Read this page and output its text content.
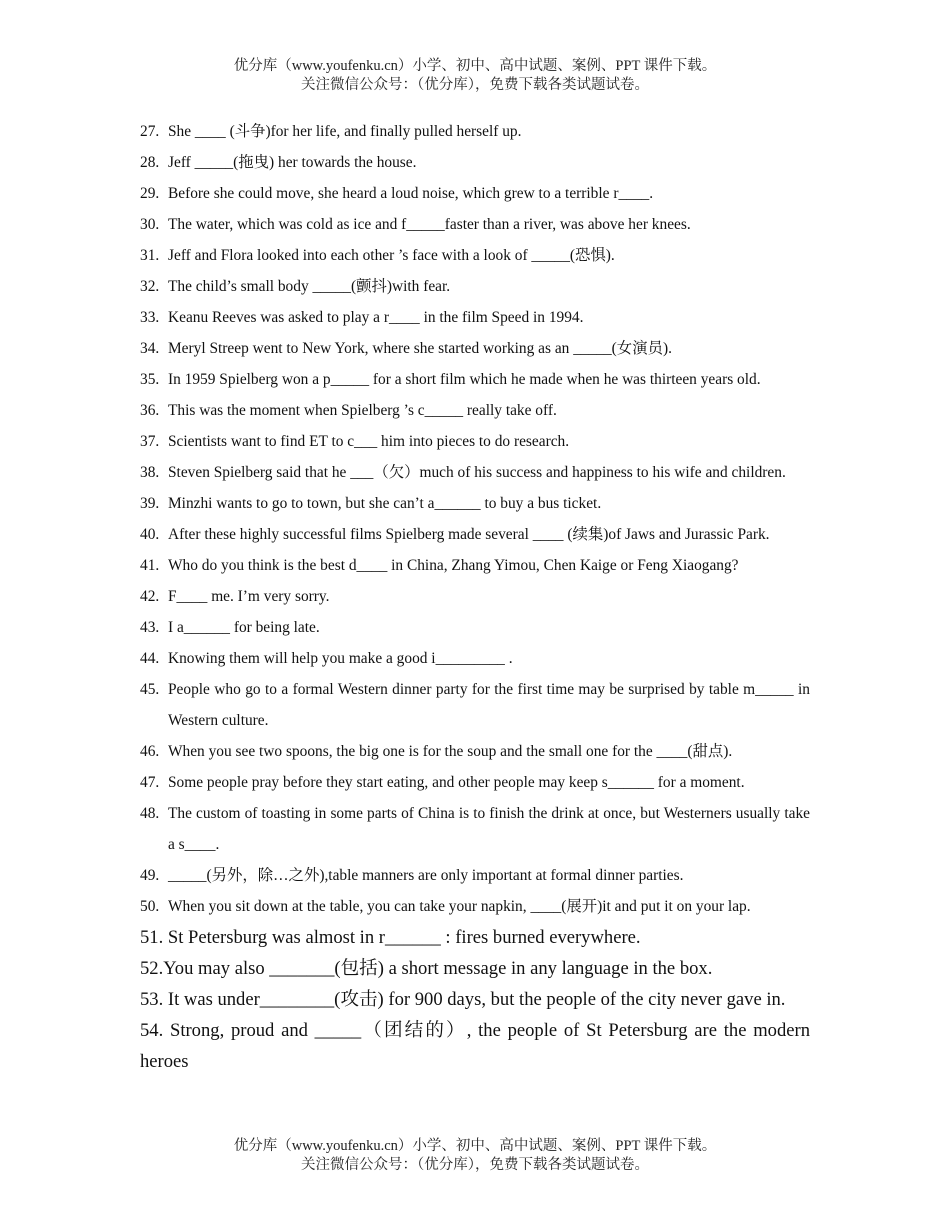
优分库（www.youfenku.cn）小学、初中、高中试题、案例、PPT 课件下载。
关注微信公众号：（优分库），免费下载各类试题试卷。
27. She ____ (斗争)for her life, and finally pulled herself up.
28. Jeff _____(拖曳) her towards the house.
29. Before she could move, she heard a loud noise, which grew to a terrible r____.
30. The water, which was cold as ice and f_____faster than a river, was above her knees.
31. Jeff and Flora looked into each other ’s face with a look of _____(恐惧).
32. The child’s small body _____(颤抖)with fear.
33. Keanu Reeves was asked to play a r____ in the film Speed in 1994.
34. Meryl Streep went to New York, where she started working as an _____(女演员).
35. In 1959 Spielberg won a p_____ for a short film which he made when he was thirteen years old.
36. This was the moment when Spielberg ’s c_____ really take off.
37. Scientists want to find ET to c___ him into pieces to do research.
38. Steven Spielberg said that he ___（欠）much of his success and happiness to his wife and children.
39. Minzhi wants to go to town, but she can’t a______ to buy a bus ticket.
40. After these highly successful films Spielberg made several ____ (续集)of Jaws and Jurassic Park.
41. Who do you think is the best d____ in China, Zhang Yimou, Chen Kaige or Feng Xiaogang?
42. F____ me. I’m very sorry.
43. I a______ for being late.
44. Knowing them will help you make a good i_________ .
45. People who go to a formal Western dinner party for the first time may be surprised by table m_____ in Western culture.
46. When you see two spoons, the big one is for the soup and the small one for the ____(甜点).
47. Some people pray before they start eating, and other people may keep s______ for a moment.
48. The custom of toasting in some parts of China is to finish the drink at once, but Westerners usually take a s____.
49. _____(另外，除…之外),table manners are only important at formal dinner parties.
50. When you sit down at the table, you can take your napkin, ____(展开)it and put it on your lap.
51. St Petersburg was almost in r______ : fires burned everywhere.
52.You may also _______(包括) a short message in any language in the box.
53. It was under________(攻击) for 900 days, but the people of the city never gave in.
54. Strong, proud and _____（团结的）, the people of St Petersburg are the modern heroes
优分库（www.youfenku.cn）小学、初中、高中试题、案例、PPT 课件下载。
关注微信公众号：（优分库），免费下载各类试题试卷。
